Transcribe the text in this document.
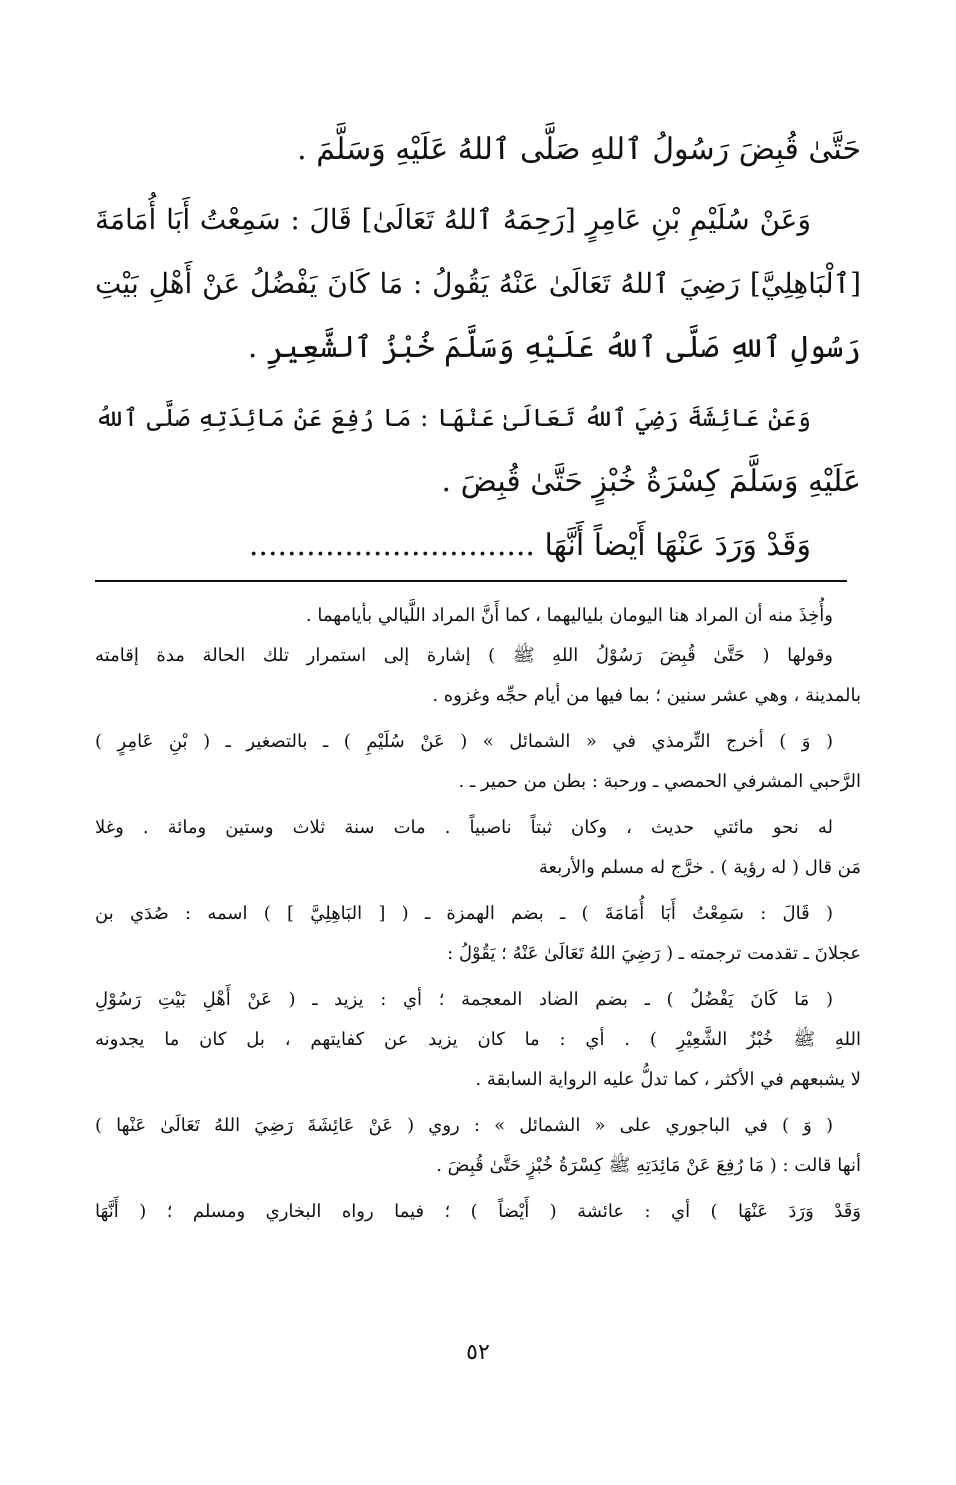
حَتَّىٰ قُبِضَ رَسُولُ ٱللهِ صَلَّى ٱللهُ عَلَيْهِ وَسَلَّمَ .
وَعَنْ سُلَيْمِ بْنِ عَامِرٍ [رَحِمَهُ ٱللهُ تَعَالَىٰ] قَالَ : سَمِعْتُ أَبَا أُمَامَةَ
[ٱلْبَاهِلِيَّ] رَضِيَ ٱللهُ تَعَالَىٰ عَنْهُ يَقُولُ : مَا كَانَ يَفْضُلُ عَنْ أَهْلِ بَيْتِ
رَسُولِ ٱللهِ صَلَّى ٱللهُ عَلَيْهِ وَسَلَّمَ خُبْزُ ٱلشَّعِيرِ .
وَعَنْ عَائِشَةَ رَضِيَ ٱللهُ تَعَالَىٰ عَنْهَا : مَا رُفِعَ عَنْ مَائِدَتِهِ صَلَّى ٱللهُ
عَلَيْهِ وَسَلَّمَ كِسْرَةُ خُبْزٍ حَتَّىٰ قُبِضَ .
وَقَدْ وَرَدَ عَنْهَا أَيْضاً أَنَّهَا ..............................
وأُخِذَ منه أن المراد هنا اليومان بلياليهما ، كما أَنَّ المراد اللَّيالي بأيامهما .
وقولها ( حَتَّىٰ قُبِضَ رَسُوْلُ اللهِ ﷺ ) إشارة إلى استمرار تلك الحالة مدة إقامته
بالمدينة ، وهي عشر سنين ؛ بما فيها من أيام حجِّه وغزوه .
( وَ ) أخرج التِّرمذي في « الشمائل » ( عَنْ سُلَيْمِ ) ـ بالتصغير ـ ( بْنِ عَامِرٍ )
الرَّحبي المشرفي الحمصي ـ ورحبة : بطن من حمير ـ .
له نحو مائتي حديث ، وكان ثبتاً ناصبياً . مات سنة ثلاث وستين ومائة . وغلا
مَن قال ( له رؤية ) . خرَّج له مسلم والأربعة
( قَالَ : سَمِعْتُ أَبَا أُمَامَةَ ) ـ بضم الهمزة ـ ( [ البَاهِلِيَّ ] ) اسمه : صُدَي بن
عجلانَ ـ تقدمت ترجمته ـ ( رَضِيَ اللهُ تَعَالَىٰ عَنْهُ ؛ يَقُوْلُ :
( مَا كَانَ يَفْضُلُ ) ـ بضم الضاد المعجمة ؛ أي : يزيد ـ ( عَنْ أَهْلِ بَيْتِ رَسُوْلِ
اللهِ ﷺ خُبْزُ الشَّعِيْرِ ) . أي : ما كان يزيد عن كفايتهم ، بل كان ما يجدونه
لا يشبعهم في الأكثر ، كما تدلُّ عليه الرواية السابقة .
( وَ ) في الباجوري على « الشمائل » : روي ( عَنْ عَائِشَةَ رَضِيَ اللهُ تَعَالَىٰ عَنْها )
أنها قالت : ( مَا رُفِعَ عَنْ مَائِدَتِهِ ﷺ كِسْرَةُ خُبْزٍ حَتَّىٰ قُبِضَ .
وَقَدْ وَرَدَ عَنْهَا ) أي : عائشة ( أَيْضاً ) ؛ فيما رواه البخاري ومسلم ؛ ( أَنَّهَا
٥٢
